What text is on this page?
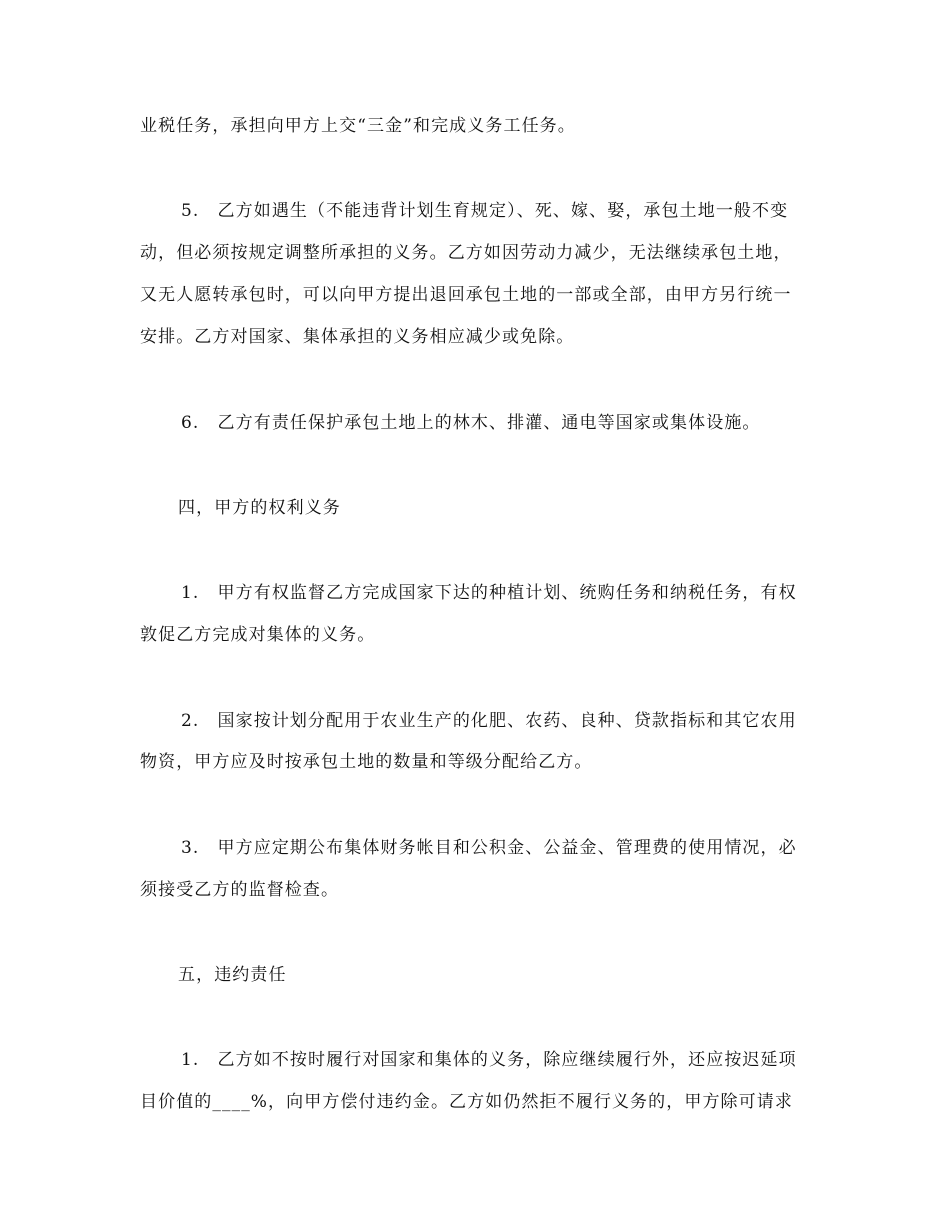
业税任务，承担向甲方上交“三金”和完成义务工任务。
5.　乙方如遇生（不能违背计划生育规定）、死、嫁、娶，承包土地一般不变
动，但必须按规定调整所承担的义务。乙方如因劳动力减少，无法继续承包土地，
又无人愿转承包时，可以向甲方提出退回承包土地的一部或全部，由甲方另行统一
安排。乙方对国家、集体承担的义务相应减少或免除。
6.　乙方有责任保护承包土地上的林木、排灌、通电等国家或集体设施。
四，甲方的权利义务
1.　甲方有权监督乙方完成国家下达的种植计划、统购任务和纳税任务，有权
敦促乙方完成对集体的义务。
2.　国家按计划分配用于农业生产的化肥、农药、良种、贷款指标和其它农用
物资，甲方应及时按承包土地的数量和等级分配给乙方。
3.　甲方应定期公布集体财务帐目和公积金、公益金、管理费的使用情况，必
须接受乙方的监督检查。
五，违约责任
1.　乙方如不按时履行对国家和集体的义务，除应继续履行外，还应按迟延项
目价值的____%，向甲方偿付违约金。乙方如仍然拒不履行义务的，甲方除可请求
